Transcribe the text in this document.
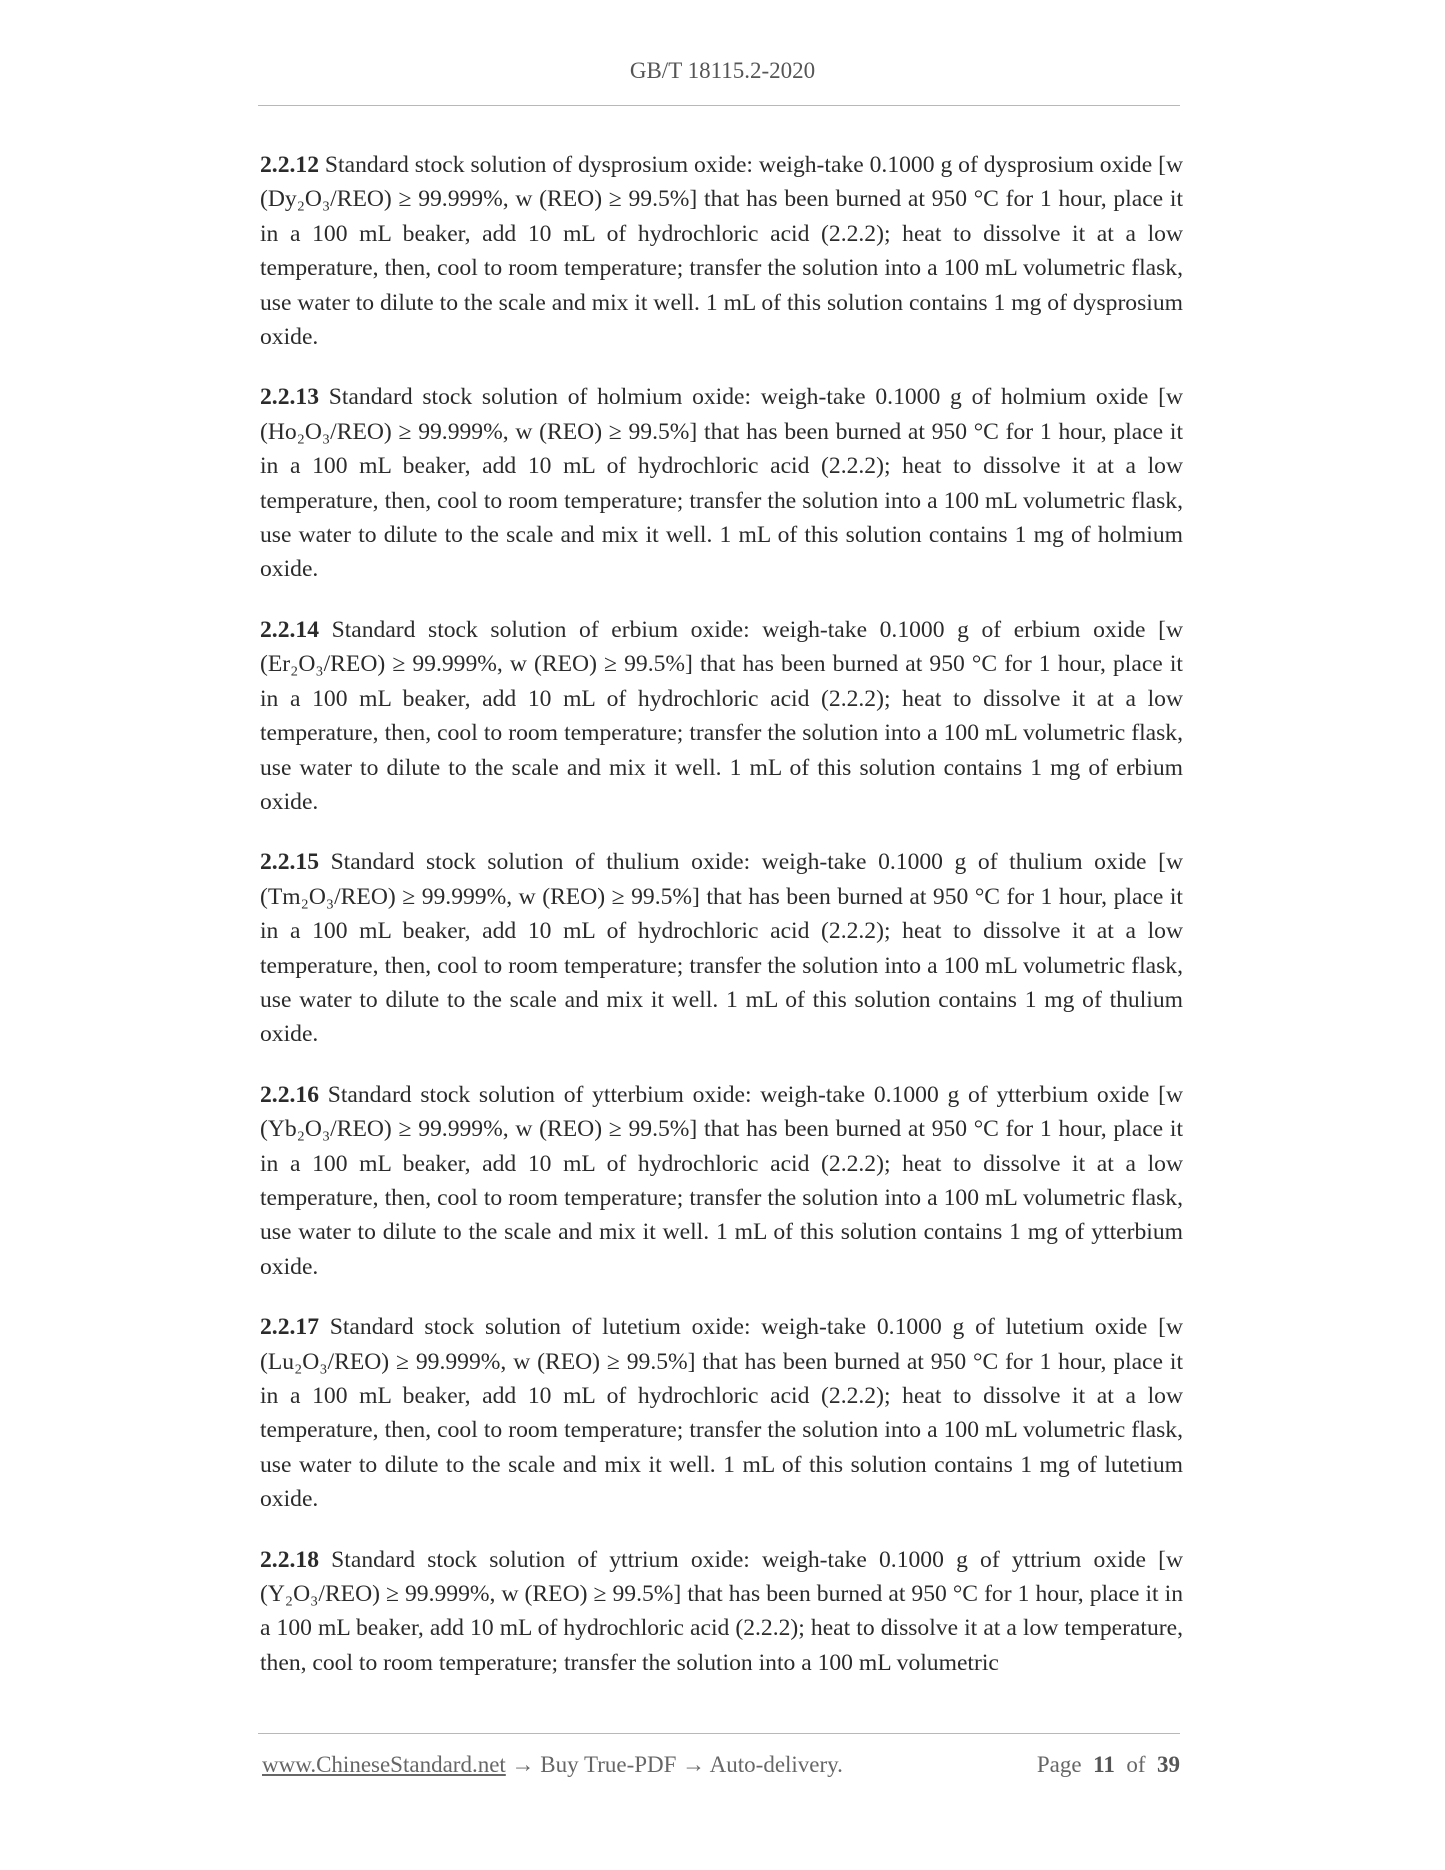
GB/T 18115.2-2020

2.2.12 Standard stock solution of dysprosium oxide: weigh-take 0.1000 g of dysprosium oxide [w (Dy₂O₃/REO) ≥ 99.999%, w (REO) ≥ 99.5%] that has been burned at 950 °C for 1 hour, place it in a 100 mL beaker, add 10 mL of hydrochloric acid (2.2.2); heat to dissolve it at a low temperature, then, cool to room temperature; transfer the solution into a 100 mL volumetric flask, use water to dilute to the scale and mix it well. 1 mL of this solution contains 1 mg of dysprosium oxide.

2.2.13 Standard stock solution of holmium oxide: weigh-take 0.1000 g of holmium oxide [w (Ho₂O₃/REO) ≥ 99.999%, w (REO) ≥ 99.5%] that has been burned at 950 °C for 1 hour, place it in a 100 mL beaker, add 10 mL of hydrochloric acid (2.2.2); heat to dissolve it at a low temperature, then, cool to room temperature; transfer the solution into a 100 mL volumetric flask, use water to dilute to the scale and mix it well. 1 mL of this solution contains 1 mg of holmium oxide.

2.2.14 Standard stock solution of erbium oxide: weigh-take 0.1000 g of erbium oxide [w (Er₂O₃/REO) ≥ 99.999%, w (REO) ≥ 99.5%] that has been burned at 950 °C for 1 hour, place it in a 100 mL beaker, add 10 mL of hydrochloric acid (2.2.2); heat to dissolve it at a low temperature, then, cool to room temperature; transfer the solution into a 100 mL volumetric flask, use water to dilute to the scale and mix it well. 1 mL of this solution contains 1 mg of erbium oxide.

2.2.15 Standard stock solution of thulium oxide: weigh-take 0.1000 g of thulium oxide [w (Tm₂O₃/REO) ≥ 99.999%, w (REO) ≥ 99.5%] that has been burned at 950 °C for 1 hour, place it in a 100 mL beaker, add 10 mL of hydrochloric acid (2.2.2); heat to dissolve it at a low temperature, then, cool to room temperature; transfer the solution into a 100 mL volumetric flask, use water to dilute to the scale and mix it well. 1 mL of this solution contains 1 mg of thulium oxide.

2.2.16 Standard stock solution of ytterbium oxide: weigh-take 0.1000 g of ytterbium oxide [w (Yb₂O₃/REO) ≥ 99.999%, w (REO) ≥ 99.5%] that has been burned at 950 °C for 1 hour, place it in a 100 mL beaker, add 10 mL of hydrochloric acid (2.2.2); heat to dissolve it at a low temperature, then, cool to room temperature; transfer the solution into a 100 mL volumetric flask, use water to dilute to the scale and mix it well. 1 mL of this solution contains 1 mg of ytterbium oxide.

2.2.17 Standard stock solution of lutetium oxide: weigh-take 0.1000 g of lutetium oxide [w (Lu₂O₃/REO) ≥ 99.999%, w (REO) ≥ 99.5%] that has been burned at 950 °C for 1 hour, place it in a 100 mL beaker, add 10 mL of hydrochloric acid (2.2.2); heat to dissolve it at a low temperature, then, cool to room temperature; transfer the solution into a 100 mL volumetric flask, use water to dilute to the scale and mix it well. 1 mL of this solution contains 1 mg of lutetium oxide.

2.2.18 Standard stock solution of yttrium oxide: weigh-take 0.1000 g of yttrium oxide [w (Y₂O₃/REO) ≥ 99.999%, w (REO) ≥ 99.5%] that has been burned at 950 °C for 1 hour, place it in a 100 mL beaker, add 10 mL of hydrochloric acid (2.2.2); heat to dissolve it at a low temperature, then, cool to room temperature; transfer the solution into a 100 mL volumetric

www.ChineseStandard.net → Buy True-PDF → Auto-delivery.	Page 11 of 39
